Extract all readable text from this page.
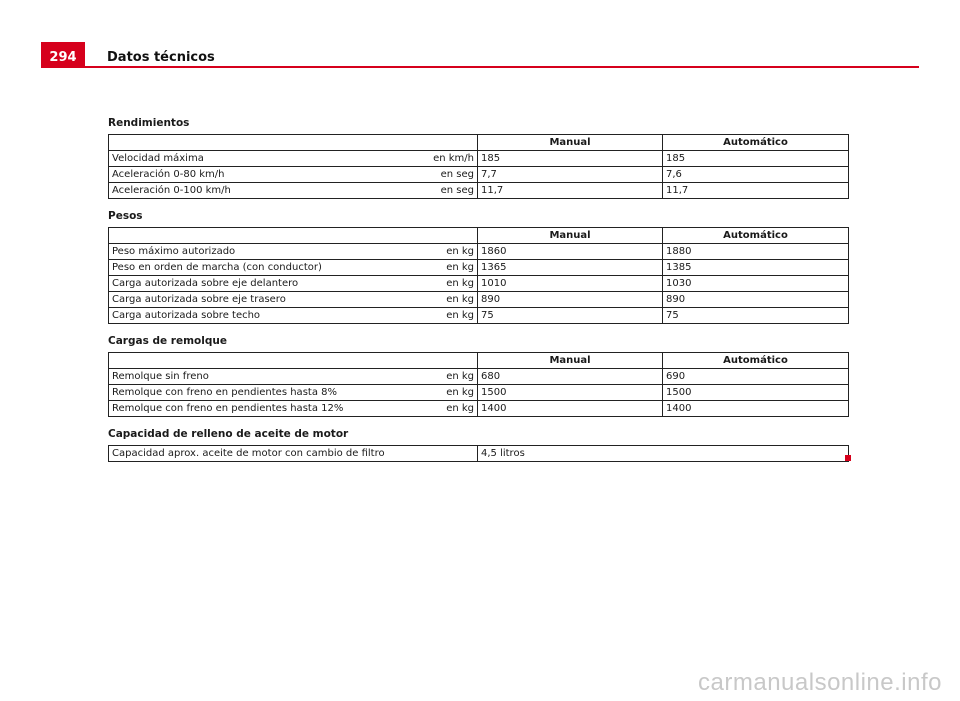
294	Datos técnicos
Rendimientos
	Manual	Automático

Velocidad máxima en km/h	185	185

Aceleración 0-80 km/h en seg	7,7	7,6

Aceleración 0-100 km/h en seg	11,7	11,7
Pesos
	Manual	Automático

Peso máximo autorizado en kg	1860	1880

Peso en orden de marcha (con conductor) en kg	1365	1385

Carga autorizada sobre eje delantero en kg	1010	1030

Carga autorizada sobre eje trasero en kg	890	890

Carga autorizada sobre techo en kg	75	75
Cargas de remolque
	Manual	Automático

Remolque sin freno en kg	680	690

Remolque con freno en pendientes hasta 8% en kg	1500	1500

Remolque con freno en pendientes hasta 12% en kg	1400	1400
Capacidad de relleno de aceite de motor
Capacidad aprox. aceite de motor con cambio de filtro	4,5 litros
carmanualsonline.info
